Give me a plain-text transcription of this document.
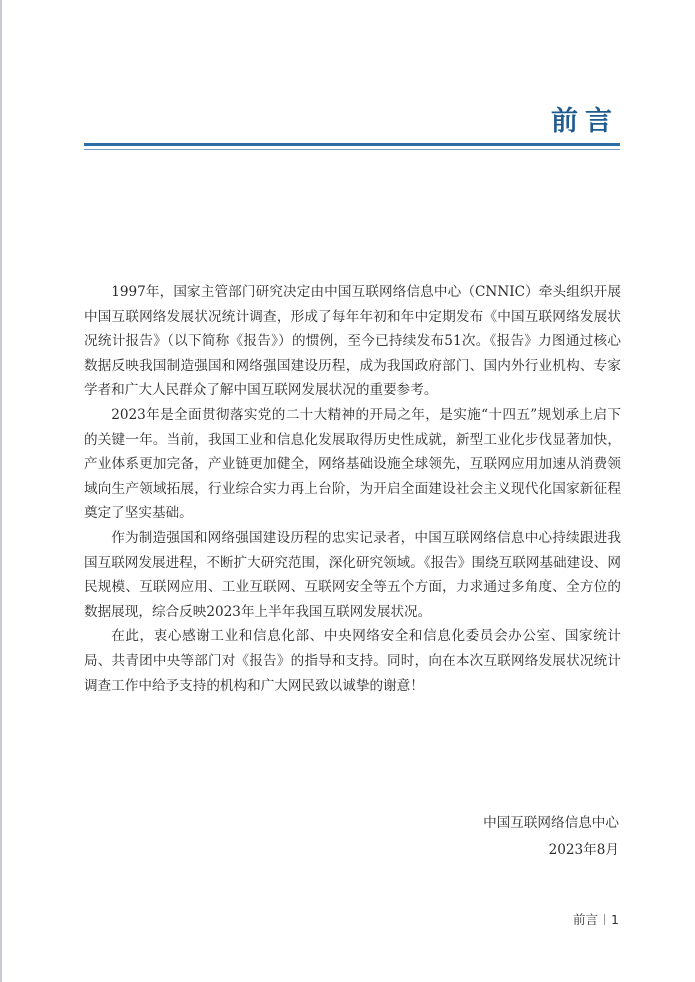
前言

1997年，国家主管部门研究决定由中国互联网络信息中心（CNNIC）牵头组织开展中国互联网络发展状况统计调查，形成了每年年初和年中定期发布《中国互联网络发展状况统计报告》（以下简称《报告》）的惯例，至今已持续发布51次。《报告》力图通过核心数据反映我国制造强国和网络强国建设历程，成为我国政府部门、国内外行业机构、专家学者和广大人民群众了解中国互联网发展状况的重要参考。

2023年是全面贯彻落实党的二十大精神的开局之年，是实施“十四五”规划承上启下的关键一年。当前，我国工业和信息化发展取得历史性成就，新型工业化步伐显著加快，产业体系更加完备，产业链更加健全，网络基础设施全球领先，互联网应用加速从消费领域向生产领域拓展，行业综合实力再上台阶，为开启全面建设社会主义现代化国家新征程奠定了坚实基础。

作为制造强国和网络强国建设历程的忠实记录者，中国互联网络信息中心持续跟进我国互联网发展进程，不断扩大研究范围，深化研究领域。《报告》围绕互联网基础建设、网民规模、互联网应用、工业互联网、互联网安全等五个方面，力求通过多角度、全方位的数据展现，综合反映2023年上半年我国互联网发展状况。

在此，衷心感谢工业和信息化部、中央网络安全和信息化委员会办公室、国家统计局、共青团中央等部门对《报告》的指导和支持。同时，向在本次互联网络发展状况统计调查工作中给予支持的机构和广大网民致以诚挚的谢意！

中国互联网络信息中心
2023年8月
前言 1
